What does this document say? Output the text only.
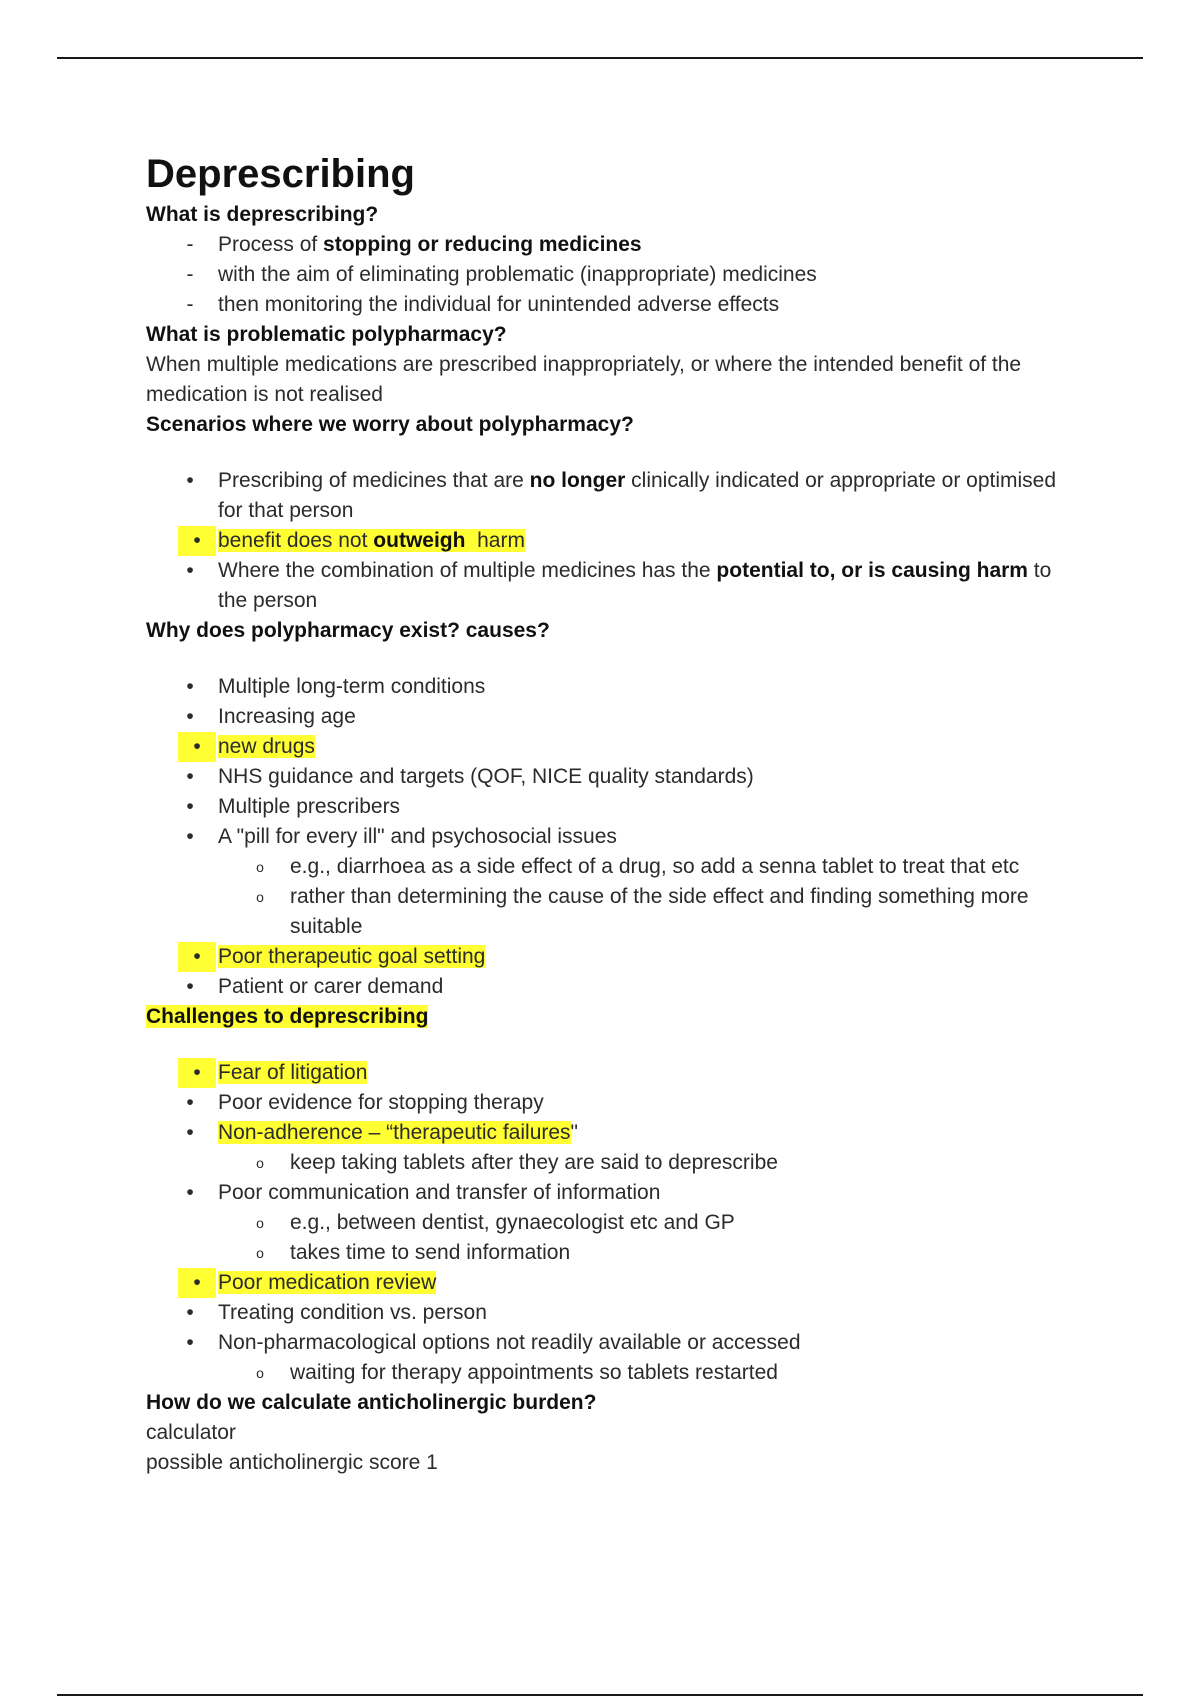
Deprescribing
What is deprescribing?
-	Process of stopping or reducing medicines
-	with the aim of eliminating problematic (inappropriate) medicines
-	then monitoring the individual for unintended adverse effects
What is problematic polypharmacy?
When multiple medications are prescribed inappropriately, or where the intended benefit of the medication is not realised
Scenarios where we worry about polypharmacy?
•	Prescribing of medicines that are no longer clinically indicated or appropriate or optimised for that person
• benefit does not outweigh  harm
•	Where the combination of multiple medicines has the potential to, or is causing harm to the person
Why does polypharmacy exist? causes?
•	Multiple long-term conditions
•	Increasing age
• new drugs
•	NHS guidance and targets (QOF, NICE quality standards)
•	Multiple prescribers
•	A "pill for every ill" and psychosocial issues
o e.g., diarrhoea as a side effect of a drug, so add a senna tablet to treat that etc
o rather than determining the cause of the side effect and finding something more suitable
• Poor therapeutic goal setting
•	Patient or carer demand
Challenges to deprescribing
• Fear of litigation
•	Poor evidence for stopping therapy
•	Non-adherence – “therapeutic failures"
o keep taking tablets after they are said to deprescribe
•	Poor communication and transfer of information
o e.g., between dentist, gynaecologist etc and GP
o takes time to send information
• Poor medication review
•	Treating condition vs. person
•	Non-pharmacological options not readily available or accessed
o waiting for therapy appointments so tablets restarted
How do we calculate anticholinergic burden?
calculator
possible anticholinergic score 1
